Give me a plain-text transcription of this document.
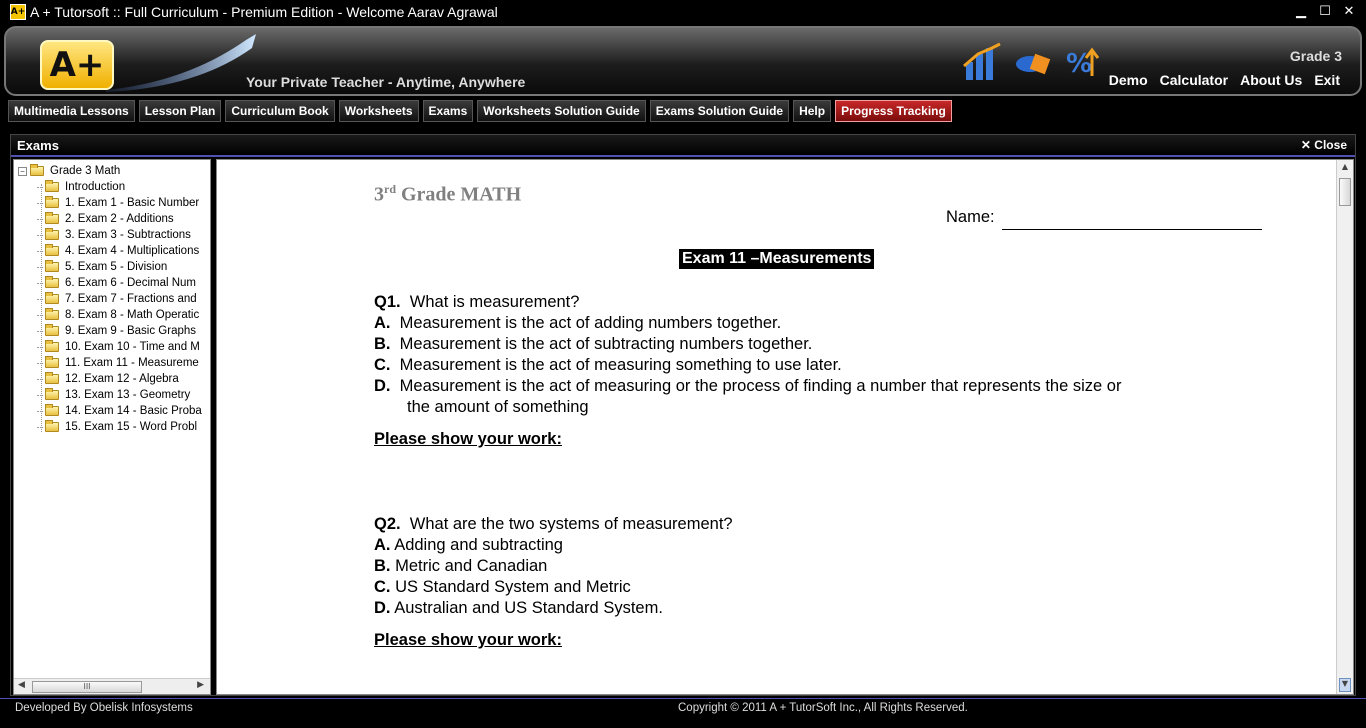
A+ A + Tutorsoft :: Full Curriculum - Premium Edition - Welcome Aarav Agrawal	▁	☐ ✕
A+	Your Private Teacher - Anytime, Anywhere
%	Grade 3
Demo Calculator About Us Exit
Multimedia Lessons	Lesson Plan	Curriculum Book	Worksheets	Exams	Worksheets Solution Guide	Exams Solution Guide	Help	Progress Tracking
Exams	✕ Close
− Grade 3 Math
◀	III	▶
Introduction
1. Exam 1 - Basic Number
2. Exam 2 - Additions
3. Exam 3 - Subtractions
4. Exam 4 - Multiplications
5. Exam 5 - Division
6. Exam 6 - Decimal Num
7. Exam 7 - Fractions and
8. Exam 8 - Math Operatic
9. Exam 9 - Basic Graphs
10. Exam 10 - Time and M
11. Exam 11 - Measureme
12. Exam 12 - Algebra
13. Exam 13 - Geometry
14. Exam 14 - Basic Proba
15. Exam 15 - Word Probl
3rd Grade MATH
Name:
Exam 11 –Measurements
Q1. What is measurement?
A. Measurement is the act of adding numbers together.
B. Measurement is the act of subtracting numbers together.
C. Measurement is the act of measuring something to use later.
D. Measurement is the act of measuring or the process of finding a number that represents the size or
the amount of something
Please show your work:
Q2. What are the two systems of measurement?
A. Adding and subtracting
B. Metric and Canadian
C. US Standard System and Metric
D. Australian and US Standard System.
Please show your work:
▲
▼
Developed By Obelisk Infosystems	Copyright © 2011 A + TutorSoft Inc., All Rights Reserved.
